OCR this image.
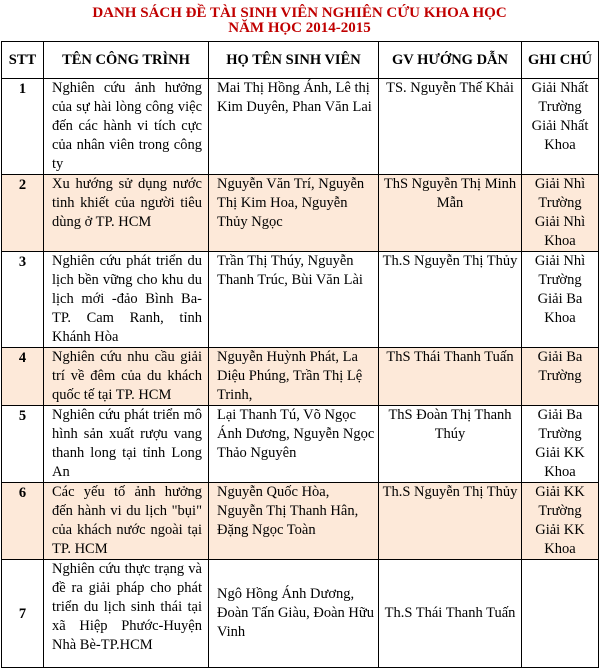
DANH SÁCH ĐỀ TÀI SINH VIÊN NGHIÊN CỨU KHOA HỌC
NĂM HỌC 2014-2015
STT	TÊN CÔNG TRÌNH	HỌ TÊN SINH VIÊN	GV HƯỚNG DẪN	GHI CHÚ
1	Nghiên cứu ảnh hưởng của sự hài lòng công việc đến các hành vi tích cực của nhân viên trong công ty	Mai Thị Hồng Ánh, Lê thị Kim Duyên, Phan Văn Lai	TS. Nguyễn Thế Khải	Giải Nhất Trường Giải Nhất Khoa
2	Xu hướng sử dụng nước tinh khiết của người tiêu dùng ở TP. HCM	Nguyễn Văn Trí, Nguyễn Thị Kim Hoa, Nguyễn Thủy Ngọc	ThS Nguyễn Thị Minh Mẫn	Giải Nhì Trường Giải Nhì Khoa
3	Nghiên cứu phát triển du lịch bền vững cho khu du lịch mới -đảo Bình Ba- TP. Cam Ranh, tỉnh Khánh Hòa	Trần Thị Thúy, Nguyễn Thanh Trúc, Bùi Văn Lài	Th.S Nguyễn Thị Thủy	Giải Nhì Trường Giải Ba Khoa
4	Nghiên cứu nhu cầu giải trí về đêm của du khách quốc tế tại TP. HCM	Nguyễn Huỳnh Phát, La Diệu Phúng, Trần Thị Lệ Trinh,	ThS Thái Thanh Tuấn	Giải Ba Trường
5	Nghiên cứu phát triển mô hình sản xuất rượu vang thanh long tại tỉnh Long An	Lại Thanh Tú, Võ Ngọc Ánh Dương, Nguyễn Ngọc Thảo Nguyên	ThS Đoàn Thị Thanh Thúy	Giải Ba Trường Giải KK Khoa
6	Các yếu tố ảnh hưởng đến hành vi du lịch "bụi" của khách nước ngoài tại TP. HCM	Nguyễn Quốc Hòa, Nguyễn Thị Thanh Hân, Đặng Ngọc Toàn	Th.S Nguyễn Thị Thủy	Giải KK Trường Giải KK Khoa
7	Nghiên cứu thực trạng và đề ra giải pháp cho phát triển du lịch sinh thái tại xã Hiệp Phước-Huyện Nhà Bè-TP.HCM	Ngô Hồng Ánh Dương, Đoàn Tấn Giàu, Đoàn Hữu Vinh	Th.S Thái Thanh Tuấn	
